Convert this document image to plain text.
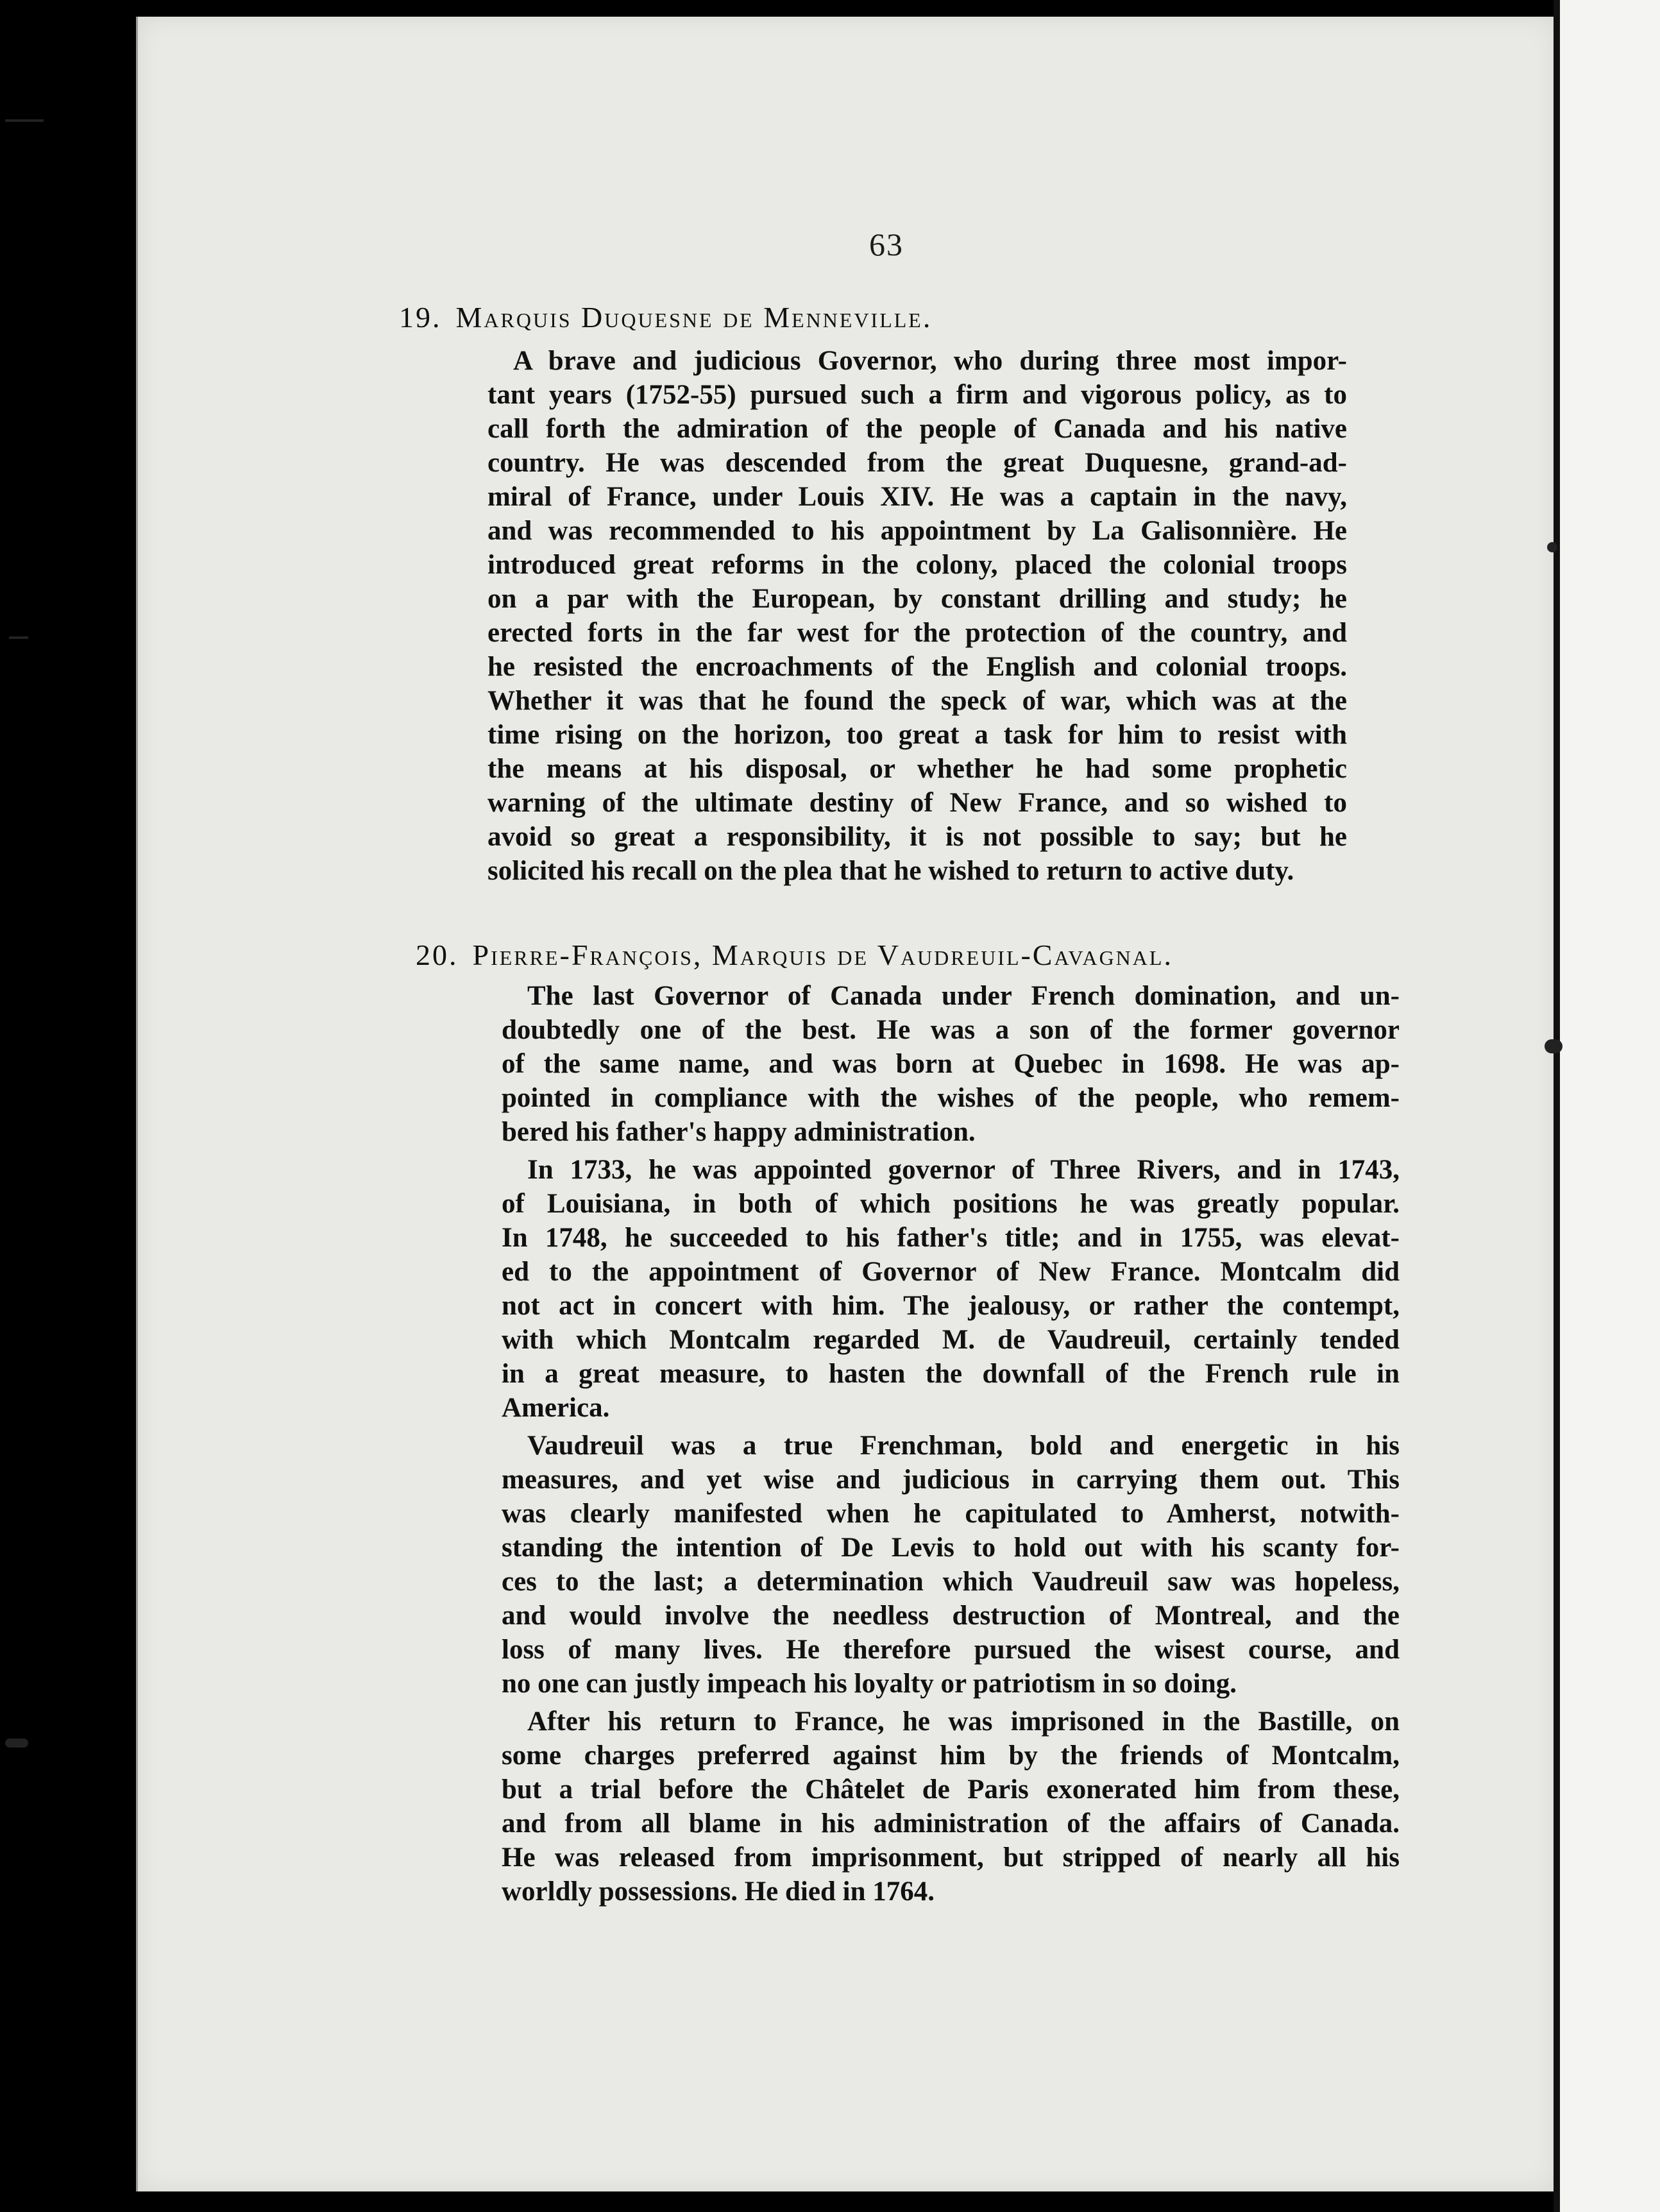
63
19. Marquis Duquesne de Menneville.
A brave and judicious Governor, who during three most impor-
tant years (1752-55) pursued such a firm and vigorous policy, as to
call forth the admiration of the people of Canada and his native
country. He was descended from the great Duquesne, grand-ad-
miral of France, under Louis XIV. He was a captain in the navy,
and was recommended to his appointment by La Galisonnière. He
introduced great reforms in the colony, placed the colonial troops
on a par with the European, by constant drilling and study; he
erected forts in the far west for the protection of the country, and
he resisted the encroachments of the English and colonial troops.
Whether it was that he found the speck of war, which was at the
time rising on the horizon, too great a task for him to resist with
the means at his disposal, or whether he had some prophetic
warning of the ultimate destiny of New France, and so wished to
avoid so great a responsibility, it is not possible to say; but he
solicited his recall on the plea that he wished to return to active duty.
20. Pierre-François, Marquis de Vaudreuil-Cavagnal.
The last Governor of Canada under French domination, and un-
doubtedly one of the best. He was a son of the former governor
of the same name, and was born at Quebec in 1698. He was ap-
pointed in compliance with the wishes of the people, who remem-
bered his father's happy administration.
In 1733, he was appointed governor of Three Rivers, and in 1743,
of Louisiana, in both of which positions he was greatly popular.
In 1748, he succeeded to his father's title; and in 1755, was elevat-
ed to the appointment of Governor of New France. Montcalm did
not act in concert with him. The jealousy, or rather the contempt,
with which Montcalm regarded M. de Vaudreuil, certainly tended
in a great measure, to hasten the downfall of the French rule in
America.
Vaudreuil was a true Frenchman, bold and energetic in his
measures, and yet wise and judicious in carrying them out. This
was clearly manifested when he capitulated to Amherst, notwith-
standing the intention of De Levis to hold out with his scanty for-
ces to the last; a determination which Vaudreuil saw was hopeless,
and would involve the needless destruction of Montreal, and the
loss of many lives. He therefore pursued the wisest course, and
no one can justly impeach his loyalty or patriotism in so doing.
After his return to France, he was imprisoned in the Bastille, on
some charges preferred against him by the friends of Montcalm,
but a trial before the Châtelet de Paris exonerated him from these,
and from all blame in his administration of the affairs of Canada.
He was released from imprisonment, but stripped of nearly all his
worldly possessions. He died in 1764.
